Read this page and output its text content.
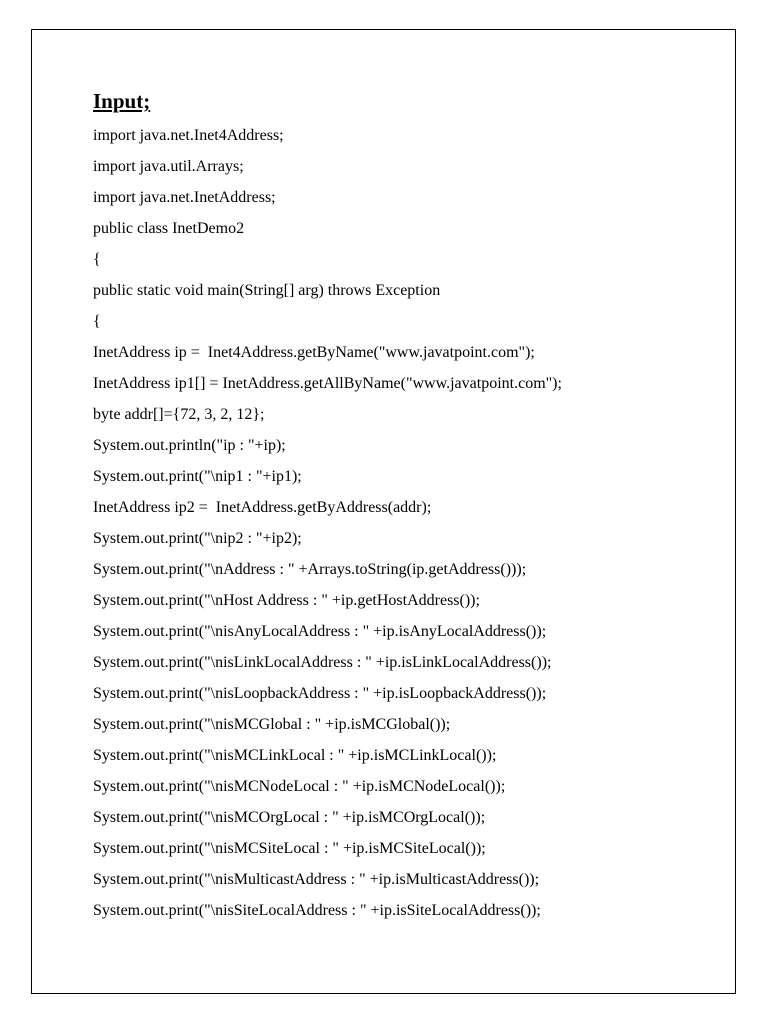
Input;
import java.net.Inet4Address;
import java.util.Arrays;
import java.net.InetAddress;
public class InetDemo2
{
public static void main(String[] arg) throws Exception
{
InetAddress ip =  Inet4Address.getByName("www.javatpoint.com");
InetAddress ip1[] = InetAddress.getAllByName("www.javatpoint.com");
byte addr[]={72, 3, 2, 12};
System.out.println("ip : "+ip);
System.out.print("\nip1 : "+ip1);
InetAddress ip2 =  InetAddress.getByAddress(addr);
System.out.print("\nip2 : "+ip2);
System.out.print("\nAddress : " +Arrays.toString(ip.getAddress()));
System.out.print("\nHost Address : " +ip.getHostAddress());
System.out.print("\nisAnyLocalAddress : " +ip.isAnyLocalAddress());
System.out.print("\nisLinkLocalAddress : " +ip.isLinkLocalAddress());
System.out.print("\nisLoopbackAddress : " +ip.isLoopbackAddress());
System.out.print("\nisMCGlobal : " +ip.isMCGlobal());
System.out.print("\nisMCLinkLocal : " +ip.isMCLinkLocal());
System.out.print("\nisMCNodeLocal : " +ip.isMCNodeLocal());
System.out.print("\nisMCOrgLocal : " +ip.isMCOrgLocal());
System.out.print("\nisMCSiteLocal : " +ip.isMCSiteLocal());
System.out.print("\nisMulticastAddress : " +ip.isMulticastAddress());
System.out.print("\nisSiteLocalAddress : " +ip.isSiteLocalAddress());
